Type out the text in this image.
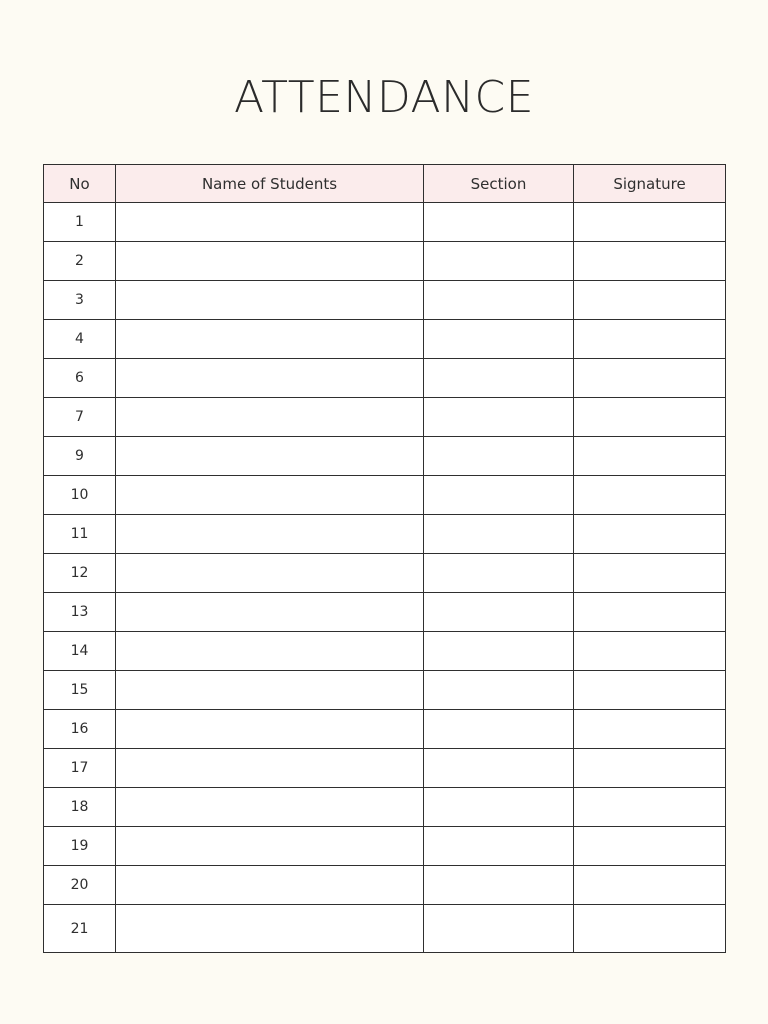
ATTENDANCE
No	Name of Students	Section	Signature
1			
2			
3			
4			
6			
7			
9			
10			
11			
12			
13			
14			
15			
16			
17			
18			
19			
20			
21			
